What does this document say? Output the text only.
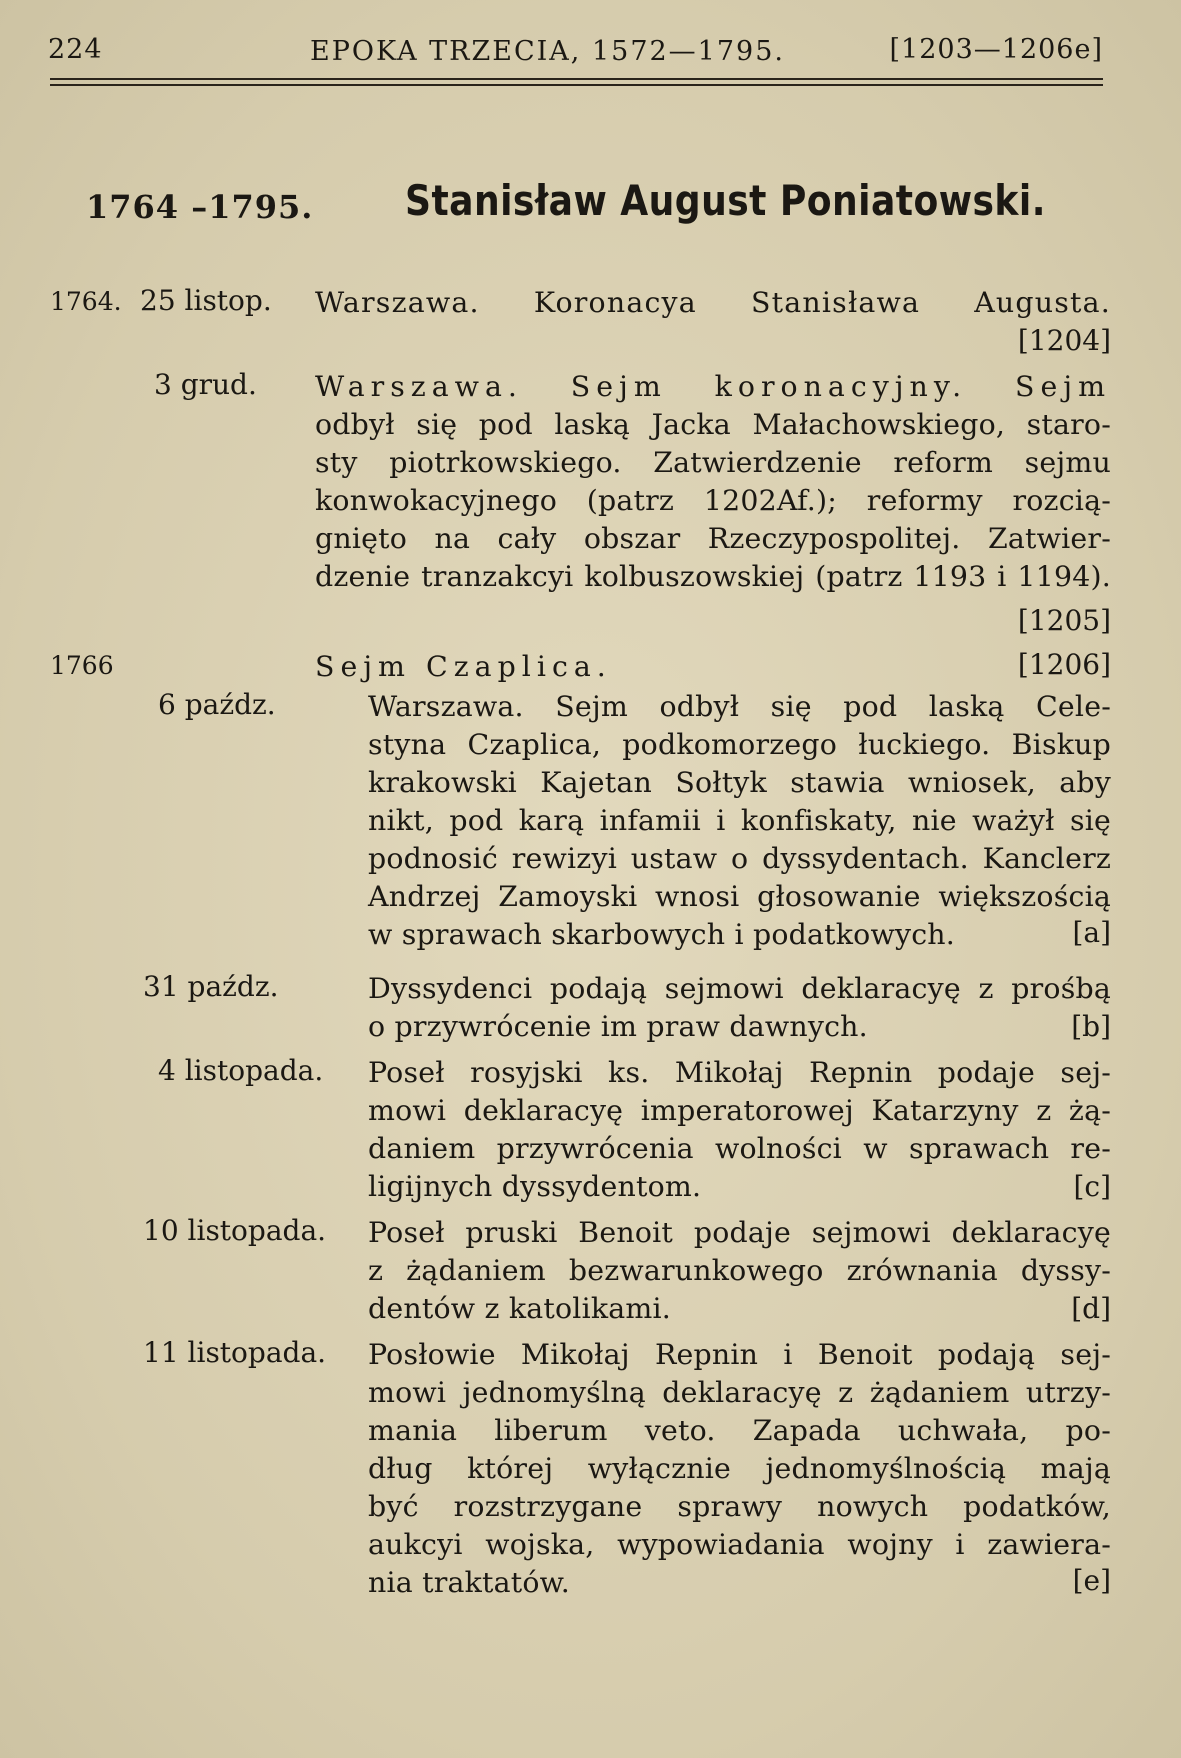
224	EPOKA TRZECIA, 1572—1795.	[1203—1206e]
1764 –1795. Stanisław August Poniatowski.
1764. 25 listop. Warszawa. Koronacya Stanisława Augusta.
[1204]
3 grud. Warszawa. Sejm koronacyjny. Sejm
odbył się pod laską Jacka Małachowskiego, staro-
sty piotrkowskiego. Zatwierdzenie reform sejmu
konwokacyjnego (patrz 1202Af.); reformy rozcią-
gnięto na cały obszar Rzeczypospolitej. Zatwier-
dzenie tranzakcyi kolbuszowskiej (patrz 1193 i 1194).
[1205]
1766	Sejm Czaplica.	[1206]
6 paźdz.	Warszawa. Sejm odbył się pod laską Cele-
styna Czaplica, podkomorzego łuckiego. Biskup
krakowski Kajetan Sołtyk stawia wniosek, aby
nikt, pod karą infamii i konfiskaty, nie ważył się
podnosić rewizyi ustaw o dyssydentach. Kanclerz
Andrzej Zamoyski wnosi głosowanie większością
w sprawach skarbowych i podatkowych.	[a]
31 paźdz.	Dyssydenci podają sejmowi deklaracyę z prośbą
o przywrócenie im praw dawnych.	[b]
4 listopada. Poseł rosyjski ks. Mikołaj Repnin podaje sej-
mowi deklaracyę imperatorowej Katarzyny z żą-
daniem przywrócenia wolności w sprawach re-
ligijnych dyssydentom.	[c]
10 listopada. Poseł pruski Benoit podaje sejmowi deklaracyę
z żądaniem bezwarunkowego zrównania dyssy-
dentów z katolikami.	[d]
11 listopada. Posłowie Mikołaj Repnin i Benoit podają sej-
mowi jednomyślną deklaracyę z żądaniem utrzy-
mania liberum veto. Zapada uchwała, po-
dług której wyłącznie jednomyślnością mają
być rozstrzygane sprawy nowych podatków,
aukcyi wojska, wypowiadania wojny i zawiera-
nia traktatów.	[e]
